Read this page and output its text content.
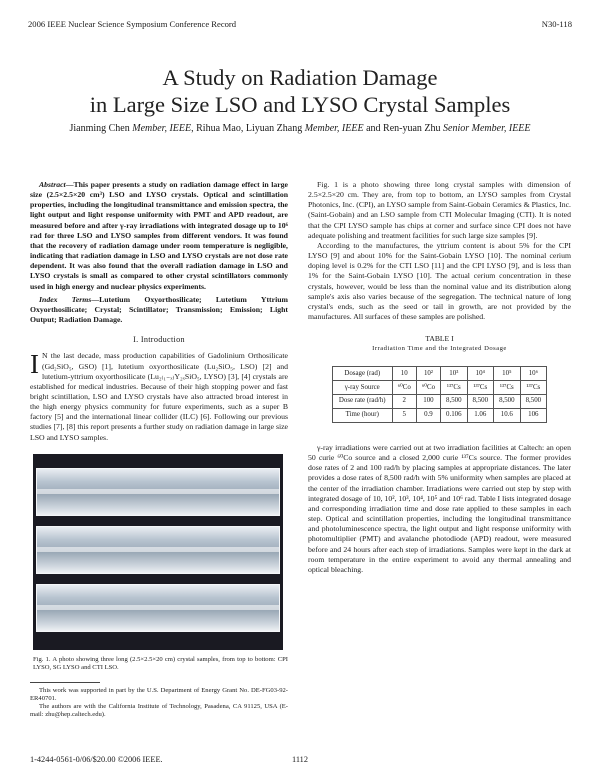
2006 IEEE Nuclear Science Symposium Conference Record	N30-118
A Study on Radiation Damage
in Large Size LSO and LYSO Crystal Samples
Jianming Chen Member, IEEE, Rihua Mao, Liyuan Zhang Member, IEEE and Ren-yuan Zhu Senior Member, IEEE

Abstract—This paper presents a study on radiation damage effect in large size (2.5×2.5×20 cm³) LSO and LYSO crystals. Optical and scintillation properties, including the longitudinal transmittance and emission spectra, the light output and light response uniformity with PMT and APD readout, are measured before and after γ-ray irradiations with integrated dosage up to 10⁶ rad for three LSO and LYSO samples from different vendors. It was found that the recovery of radiation damage under room temperature is negligible, indicating that radiation damage in LSO and LYSO crystals are not dose rate dependent. It was also found that the overall radiation damage in LSO and LYSO crystals is small as compared to other crystal scintillators commonly used in high energy and nuclear physics experiments.

Index Terms—Lutetium Oxyorthosilicate; Lutetium Yttrium Oxyorthosilicate; Crystal; Scintillator; Transmission; Emission; Light Output; Radiation Damage.

I. Introduction

I N the last decade, mass production capabilities of Gadolinium Orthosilicate (Gd₂SiO₅, GSO) [1], lutetium oxyorthosilicate (Lu₂SiO₅, LSO) [2] and lutetium-yttrium oxyorthosilicate (Lu₂₍₁₋ₓ₎Y₂ₓSiO₅, LYSO) [3], [4] crystals are established for medical industries. Because of their high stopping power and fast bright scintillation, LSO and LYSO crystals have also attracted broad interest in the high energy physics community for future experiments, such as a super B factory [5] and the international linear collider (ILC) [6]. Following our previous studies [7], [8] this report presents a further study on radiation damage in large size LSO and LYSO samples.

Fig. 1. A photo showing three long (2.5×2.5×20 cm) crystal samples, from top to bottom: CPI LYSO, SG LYSO and CTI LSO.
This work was supported in part by the U.S. Department of Energy Grant No. DE-FG03-92-ER40701.
The authors are with the California Institute of Technology, Pasadena, CA 91125, USA (E-mail: zhu@hep.caltech.edu).

Fig. 1 is a photo showing three long crystal samples with dimension of 2.5×2.5×20 cm. They are, from top to bottom, an LYSO samples from Crystal Photonics, Inc. (CPI), an LYSO sample from Saint-Gobain Ceramics & Plastics, Inc. (Saint-Gobain) and an LSO sample from CTI Molecular Imaging (CTI). It is noted that the CPI LYSO sample has chips at corner and surface since CPI does not have adequate polishing and treatment facilities for such large size samples [9].

According to the manufactures, the yttrium content is about 5% for the CPI LYSO [9] and about 10% for the Saint-Gobain LYSO [10]. The nominal cerium doping level is 0.2% for the CTI LSO [11] and the CPI LYSO [9], and is less than 1% for the Saint-Gobain LYSO [10]. The actual cerium concentration in these crystals, however, would be less than the nominal value and its distribution along sample's axis also varies because of the segregation. The technical nature of long crystal's ends, such as the seed or tail in growth, are not provided by the manufactures. All surfaces of these samples are polished.

TABLE I
Irradiation Time and the Integrated Dosage
Dosage (rad)	10	10²	10³	10⁴	10⁵	10⁶
γ-ray Source	⁶⁰Co	⁶⁰Co	¹³⁷Cs	¹³⁷Cs	¹³⁷Cs	¹³⁷Cs
Dose rate (rad/h)	2	100	8,500	8,500	8,500	8,500
Time (hour)	5	0.9	0.106	1.06	10.6	106

γ-ray irradiations were carried out at two irradiation facilities at Caltech: an open 50 curie ⁶⁰Co source and a closed 2,000 curie ¹³⁷Cs source. The former provides dose rates of 2 and 100 rad/h by placing samples at appropriate distances. The later provides a dose rates of 8,500 rad/h with 5% uniformity when samples are placed at the center of the irradiation chamber. Irradiations were carried out step by step with integrated dosage of 10, 10², 10³, 10⁴, 10⁵ and 10⁶ rad. Table I lists integrated dosage and corresponding irradiation time and dose rate applied to these samples in each step. Optical and scintillation properties, including the longitudinal transmittance and photoluminescence spectra, the light output and light response uniformity with photomultiplier (PMT) and avalanche photodiode (APD) readout, were measured before and 24 hours after each step of irradiations. Samples were kept in the dark at room temperature in the entire experiment to avoid any thermal annealing and optical bleaching.

1-4244-0561-0/06/$20.00 ©2006 IEEE.	1112
